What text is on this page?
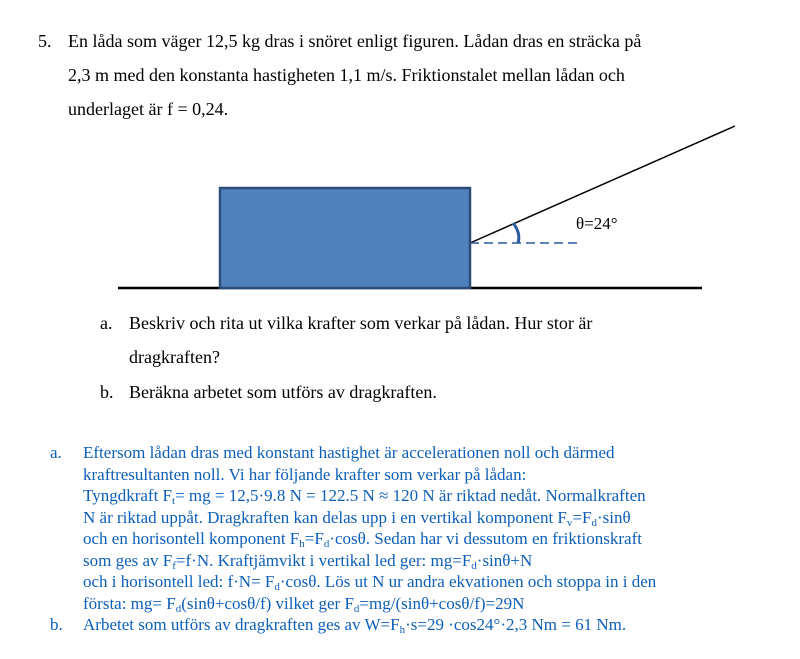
5. En låda som väger 12,5 kg dras i snöret enligt figuren. Lådan dras en sträcka på
2,3 m med den konstanta hastigheten 1,1 m/s. Friktionstalet mellan lådan och
underlaget är f = 0,24.
θ=24°
a. Beskriv och rita ut vilka krafter som verkar på lådan. Hur stor är
dragkraften?
b. Beräkna arbetet som utförs av dragkraften.
a. Eftersom lådan dras med konstant hastighet är accelerationen noll och därmed
kraftresultanten noll. Vi har följande krafter som verkar på lådan:
Tyngdkraft $F_t=$ mg = 12,5·9.8 N = 122.5 N ≈ 120 N är riktad nedåt. Normalkraften
N är riktad uppåt. Dragkraften kan delas upp i en vertikal komponent $F_v=F_d\cdot\sin\theta$
och en horisontell komponent $F_h=F_d\cdot\cos\theta$. Sedan har vi dessutom en friktionskraft
som ges av $F_f=f\cdot N$. Kraftjämvikt i vertikal led ger: $mg=F_d\cdot\sin\theta+N$
och i horisontell led: $f\cdot N= F_d\cdot\cos\theta$. Lös ut N ur andra ekvationen och stoppa in i den
första: $mg= F_d(\sin\theta+\cos\theta/f)$ vilket ger $F_d=mg/(\sin\theta+\cos\theta/f)=29N$
b. Arbetet som utförs av dragkraften ges av $W=F_h\cdot s=29 \cdot\cos 24^\circ\cdot 2,3$ Nm = 61 Nm.
